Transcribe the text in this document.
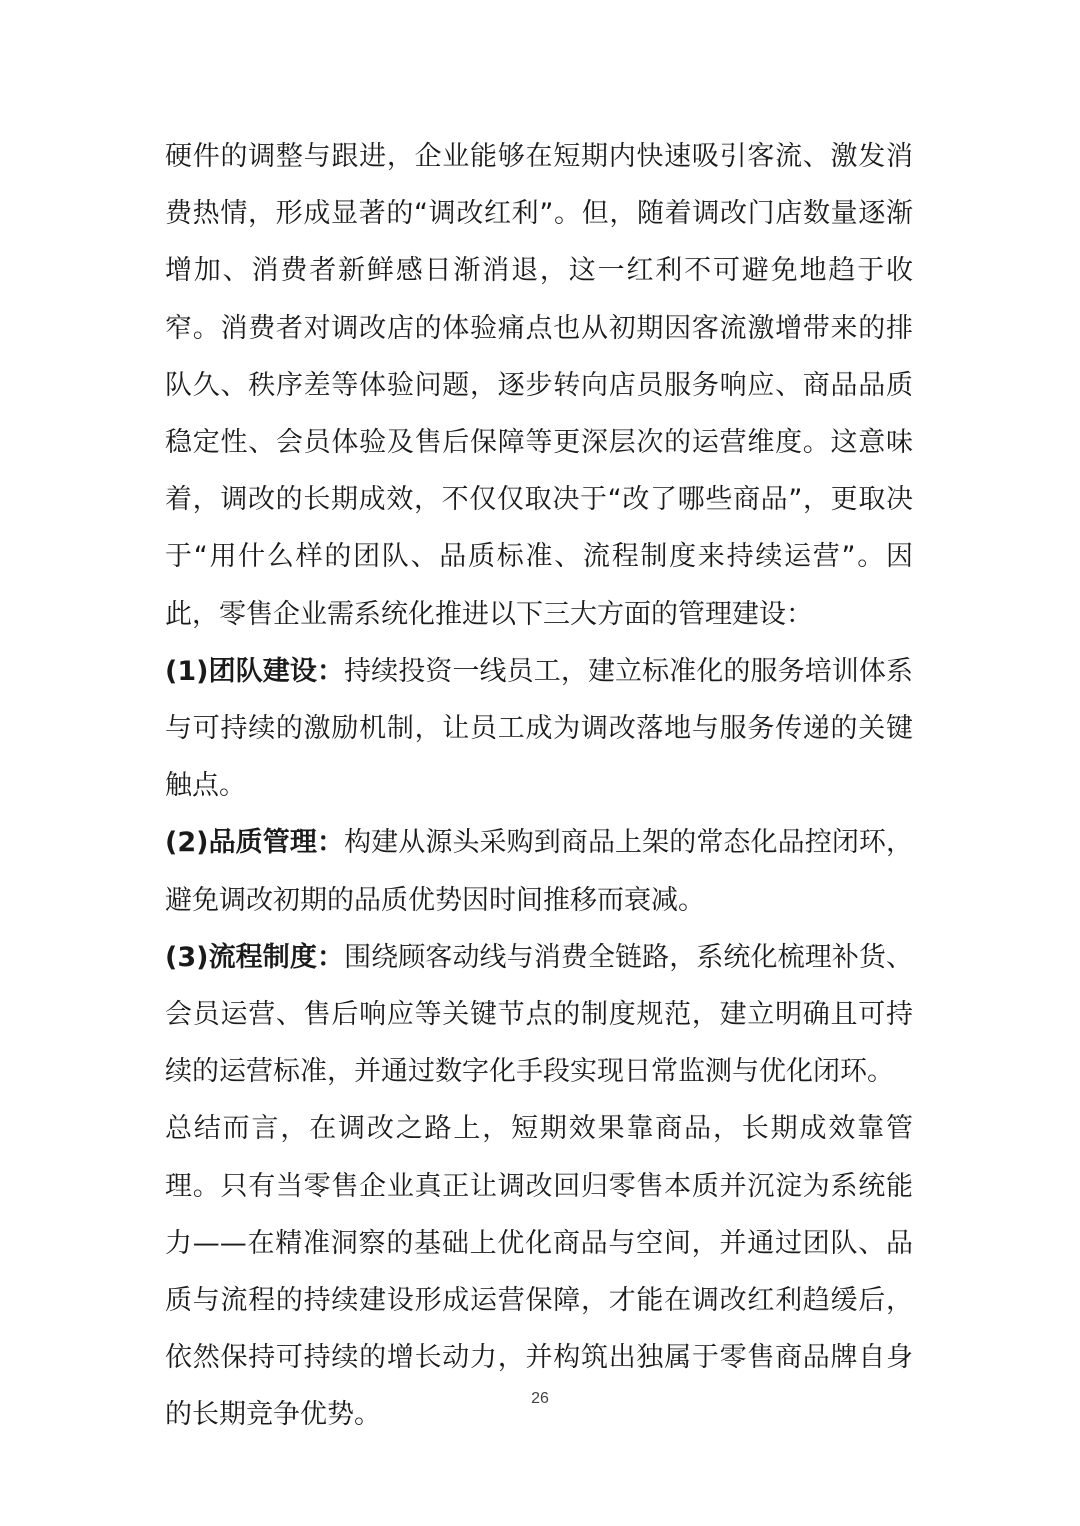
硬件的调整与跟进，企业能够在短期内快速吸引客流、激发消费热情，形成显著的“调改红利”。但，随着调改门店数量逐渐增加、消费者新鲜感日渐消退，这一红利不可避免地趋于收窄。消费者对调改店的体验痛点也从初期因客流激增带来的排队久、秩序差等体验问题，逐步转向店员服务响应、商品品质稳定性、会员体验及售后保障等更深层次的运营维度。这意味着，调改的长期成效，不仅仅取决于“改了哪些商品”，更取决于“用什么样的团队、品质标准、流程制度来持续运营”。因此，零售企业需系统化推进以下三大方面的管理建设：

(1)团队建设：持续投资一线员工，建立标准化的服务培训体系与可持续的激励机制，让员工成为调改落地与服务传递的关键触点。

(2)品质管理：构建从源头采购到商品上架的常态化品控闭环，避免调改初期的品质优势因时间推移而衰减。

(3)流程制度：围绕顾客动线与消费全链路，系统化梳理补货、会员运营、售后响应等关键节点的制度规范，建立明确且可持续的运营标准，并通过数字化手段实现日常监测与优化闭环。

总结而言，在调改之路上，短期效果靠商品，长期成效靠管理。只有当零售企业真正让调改回归零售本质并沉淀为系统能力——在精准洞察的基础上优化商品与空间，并通过团队、品质与流程的持续建设形成运营保障，才能在调改红利趋缓后，依然保持可持续的增长动力，并构筑出独属于零售商品牌自身的长期竞争优势。

26
